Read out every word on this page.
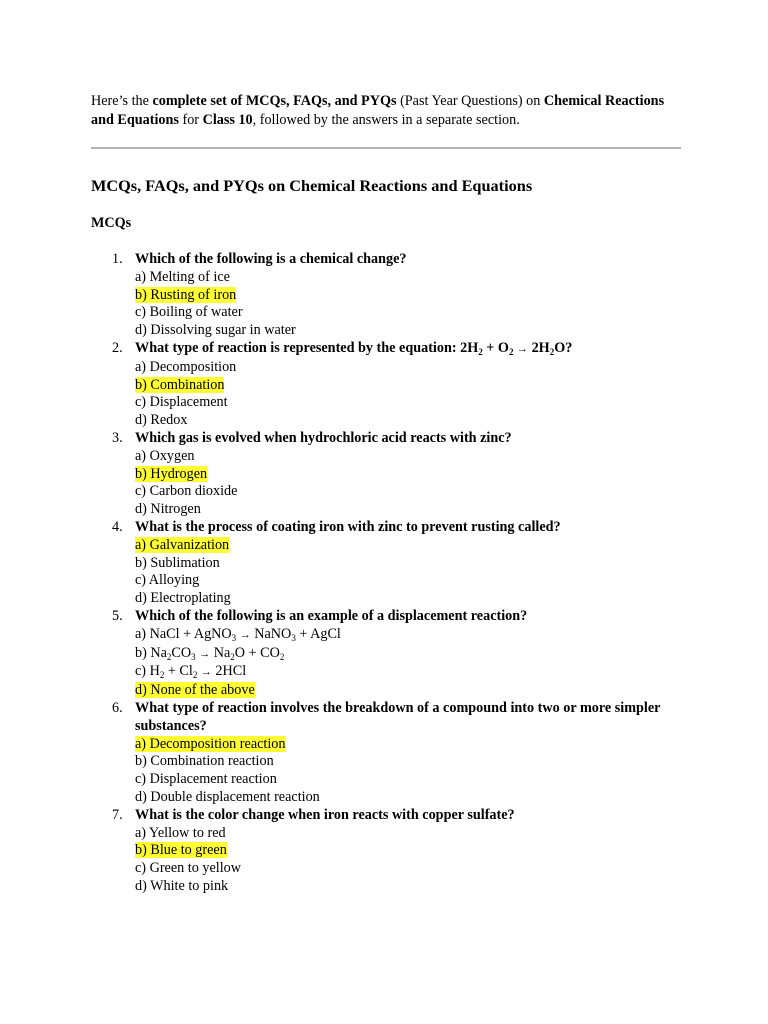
Here’s the complete set of MCQs, FAQs, and PYQs (Past Year Questions) on Chemical Reactions and Equations for Class 10, followed by the answers in a separate section.

MCQs, FAQs, and PYQs on Chemical Reactions and Equations
MCQs
1. Which of the following is a chemical change?
a) Melting of ice
b) Rusting of iron
c) Boiling of water
d) Dissolving sugar in water
2. What type of reaction is represented by the equation: $2H_2 + O_2 \to 2H_2O$?
a) Decomposition
b) Combination
c) Displacement
d) Redox
3. Which gas is evolved when hydrochloric acid reacts with zinc?
a) Oxygen
b) Hydrogen
c) Carbon dioxide
d) Nitrogen
4. What is the process of coating iron with zinc to prevent rusting called?
a) Galvanization
b) Sublimation
c) Alloying
d) Electroplating
5. Which of the following is an example of a displacement reaction?
a) NaCl + AgNO$_3$ → NaNO$_3$ + AgCl
b) $Na_2CO_3 \to Na_2O + CO_2$
c) $H_2 + Cl_2 \to 2HCl$
d) None of the above
6. What type of reaction involves the breakdown of a compound into two or more simpler substances?
a) Decomposition reaction
b) Combination reaction
c) Displacement reaction
d) Double displacement reaction
7. What is the color change when iron reacts with copper sulfate?
a) Yellow to red
b) Blue to green
c) Green to yellow
d) White to pink
